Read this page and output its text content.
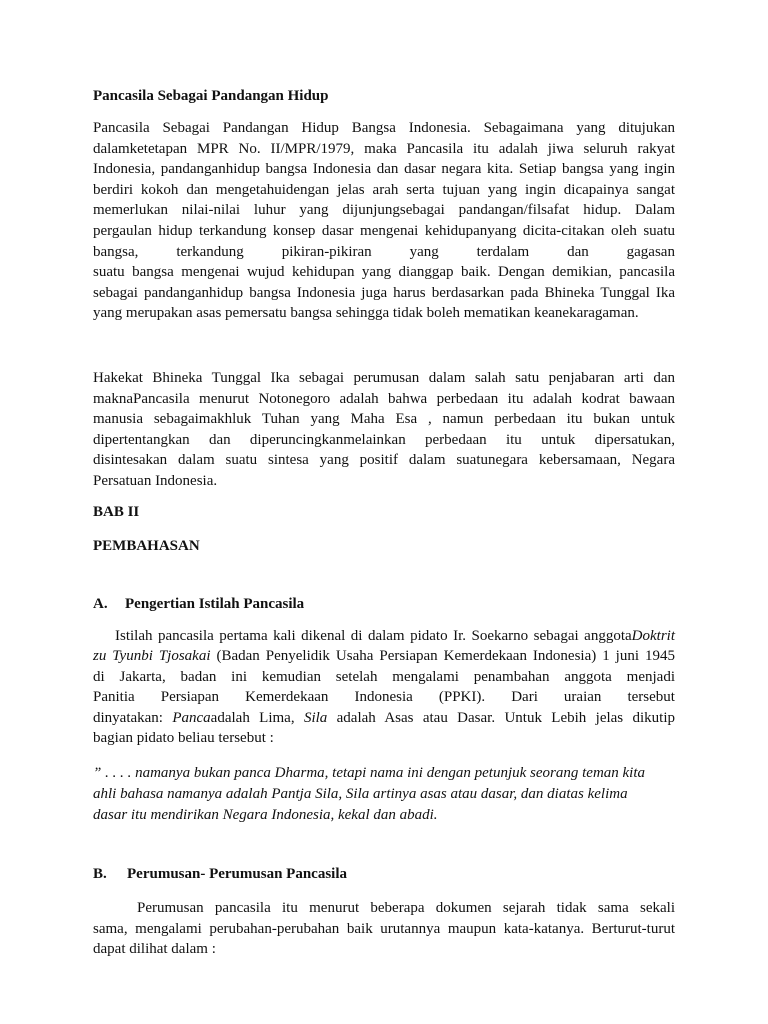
Pancasila Sebagai Pandangan Hidup

Pancasila Sebagai Pandangan Hidup Bangsa Indonesia. Sebagaimana yang ditujukan
dalamketetapan MPR No. II/MPR/1979, maka Pancasila itu adalah jiwa seluruh rakyat
Indonesia, pandanganhidup bangsa Indonesia dan dasar negara kita. Setiap bangsa yang ingin
berdiri kokoh dan mengetahuidengan jelas arah serta tujuan yang ingin dicapainya sangat
memerlukan nilai-nilai luhur yang dijunjungsebagai pandangan/filsafat hidup. Dalam
pergaulan hidup terkandung konsep dasar mengenai kehidupanyang dicita-citakan oleh suatu
bangsa,	terkandung	pikiran-pikiran	yang	terdalam	dan	gagasan
suatu bangsa mengenai wujud kehidupan yang dianggap baik. Dengan demikian, pancasila
sebagai pandanganhidup bangsa Indonesia juga harus berdasarkan pada Bhineka Tunggal Ika
yang merupakan asas pemersatu bangsa sehingga tidak boleh mematikan keanekaragaman.
Hakekat Bhineka Tunggal Ika sebagai perumusan dalam salah satu penjabaran arti dan
maknaPancasila menurut Notonegoro adalah bahwa perbedaan itu adalah kodrat bawaan
manusia sebagaimakhluk Tuhan yang Maha Esa , namun perbedaan itu bukan untuk
dipertentangkan dan diperuncingkanmelainkan perbedaan itu untuk dipersatukan,
disintesakan dalam suatu sintesa yang positif dalam suatunegara kebersamaan, Negara
Persatuan Indonesia.

BAB II

PEMBAHASAN

A. Pengertian Istilah Pancasila

Istilah pancasila pertama kali dikenal di dalam pidato Ir. Soekarno sebagai anggotaDoktrit
zu Tyunbi Tjosakai (Badan Penyelidik Usaha Persiapan Kemerdekaan Indonesia) 1 juni 1945
di Jakarta, badan ini kemudian setelah mengalami penambahan anggota menjadi
Panitia Persiapan Kemerdekaan Indonesia (PPKI). Dari uraian tersebut
dinyatakan: Pancaadalah Lima, Sila adalah Asas atau Dasar. Untuk Lebih jelas dikutip
bagian pidato beliau tersebut :
” . . . . namanya bukan panca Dharma, tetapi nama ini dengan petunjuk seorang teman kita
ahli bahasa namanya adalah Pantja Sila, Sila artinya asas atau dasar, dan diatas kelima
dasar itu mendirikan Negara Indonesia, kekal dan abadi.

B. Perumusan- Perumusan Pancasila

Perumusan pancasila itu menurut beberapa dokumen sejarah tidak sama sekali
sama, mengalami perubahan-perubahan baik urutannya maupun kata-katanya. Berturut-turut
dapat dilihat dalam :
